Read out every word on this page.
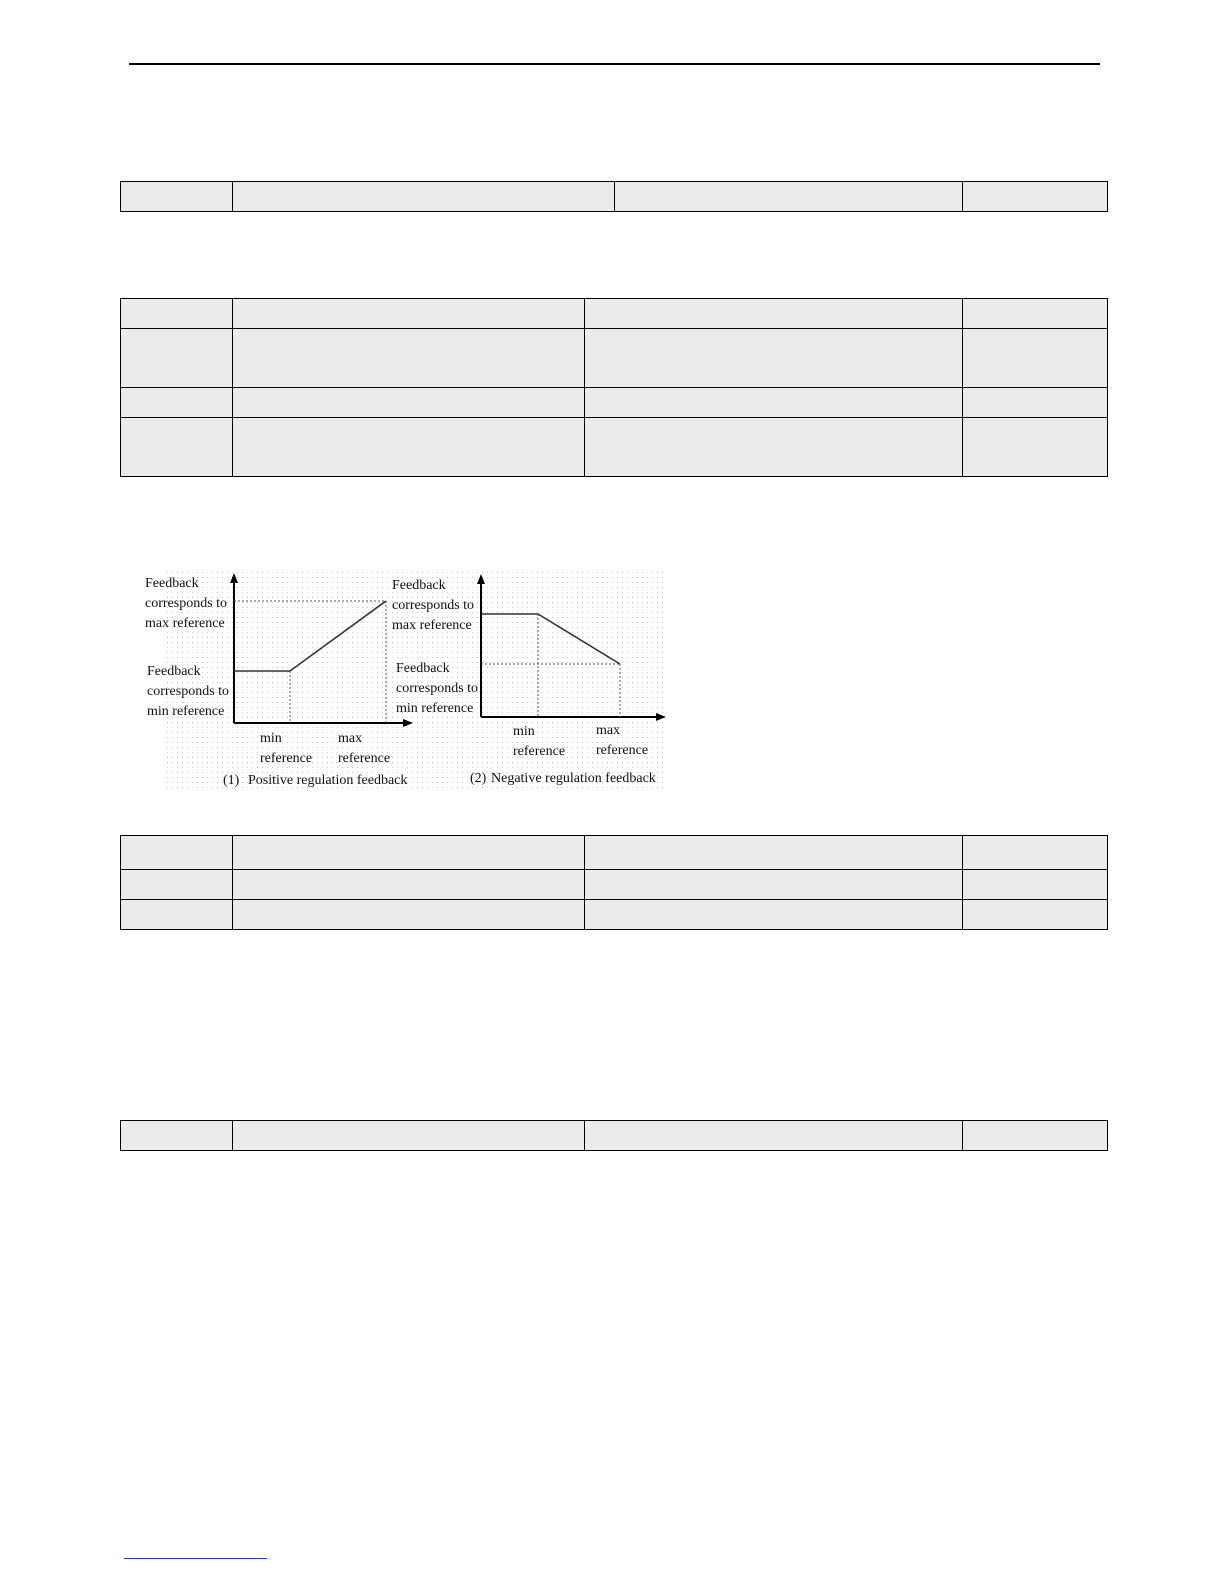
Feedback corresponds to max reference
Feedback corresponds to min reference
min reference
max reference
(1) Positive regulation feedback
Feedback corresponds to max reference
Feedback corresponds to min reference
min reference
max reference
(2) Negative regulation feedback
